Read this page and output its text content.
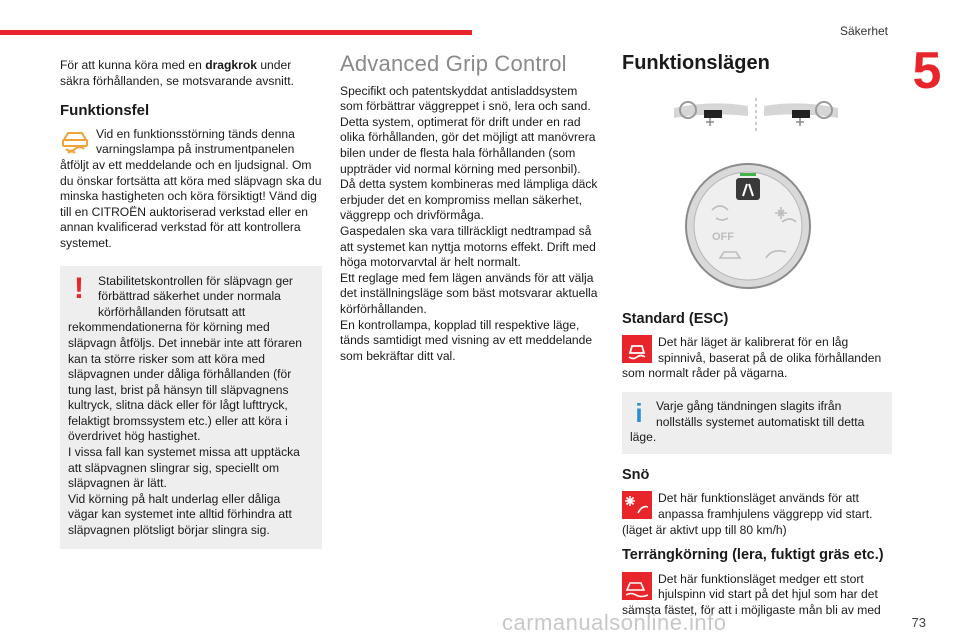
Säkerhet
5

För att kunna köra med en dragkrok under säkra förhållanden, se motsvarande avsnitt.

Funktionsfel

Vid en funktionsstörning tänds denna varningslampa på instrumentpanelen åtföljt av ett meddelande och en ljudsignal. Om du önskar fortsätta att köra med släpvagn ska du minska hastigheten och köra försiktigt! Vänd dig till en CITROËN auktoriserad verkstad eller en annan kvalificerad verkstad för att kontrollera systemet.

!	Stabilitetskontrollen för släpvagn ger förbättrad säkerhet under normala körförhållanden förutsatt att rekommendationerna för körning med släpvagn åtföljs. Det innebär inte att föraren kan ta större risker som att köra med släpvagnen under dåliga förhållanden (för tung last, brist på hänsyn till släpvagnens kultryck, slitna däck eller för lågt lufttryck, felaktigt bromssystem etc.) eller att köra i överdrivet hög hastighet.

I vissa fall kan systemet missa att upptäcka att släpvagnen slingrar sig, speciellt om släpvagnen är lätt.

Vid körning på halt underlag eller dåliga vägar kan systemet inte alltid förhindra att släpvagnen plötsligt börjar slingra sig.

Advanced Grip Control

Specifikt och patentskyddat antisladdsystem som förbättrar väggreppet i snö, lera och sand.

Detta system, optimerat för drift under en rad olika förhållanden, gör det möjligt att manövrera bilen under de flesta hala förhållanden (som uppträder vid normal körning med personbil).

Då detta system kombineras med lämpliga däck erbjuder det en kompromiss mellan säkerhet, väggrepp och drivförmåga.

Gaspedalen ska vara tillräckligt nedtrampad så att systemet kan nyttja motorns effekt. Drift med höga motorvarvtal är helt normalt.

Ett reglage med fem lägen används för att välja det inställningsläge som bäst motsvarar aktuella körförhållanden.

En kontrollampa, kopplad till respektive läge, tänds samtidigt med visning av ett meddelande som bekräftar ditt val.

Funktionslägen
OFF
Standard (ESC)

Det här läget är kalibrerat för en låg spinnivå, baserat på de olika förhållanden som normalt råder på vägarna.

i	Varje gång tändningen slagits ifrån nollställs systemet automatiskt till detta läge.

Snö

Det här funktionsläget används för att anpassa framhjulens väggrepp vid start. (läget är aktivt upp till 80 km/h)

Terrängkörning (lera, fuktigt gräs etc.)

Det här funktionsläget medger ett stort hjulspinn vid start på det hjul som har det sämsta fästet, för att i möjligaste mån bli av med

73
carmanualsonline.info
